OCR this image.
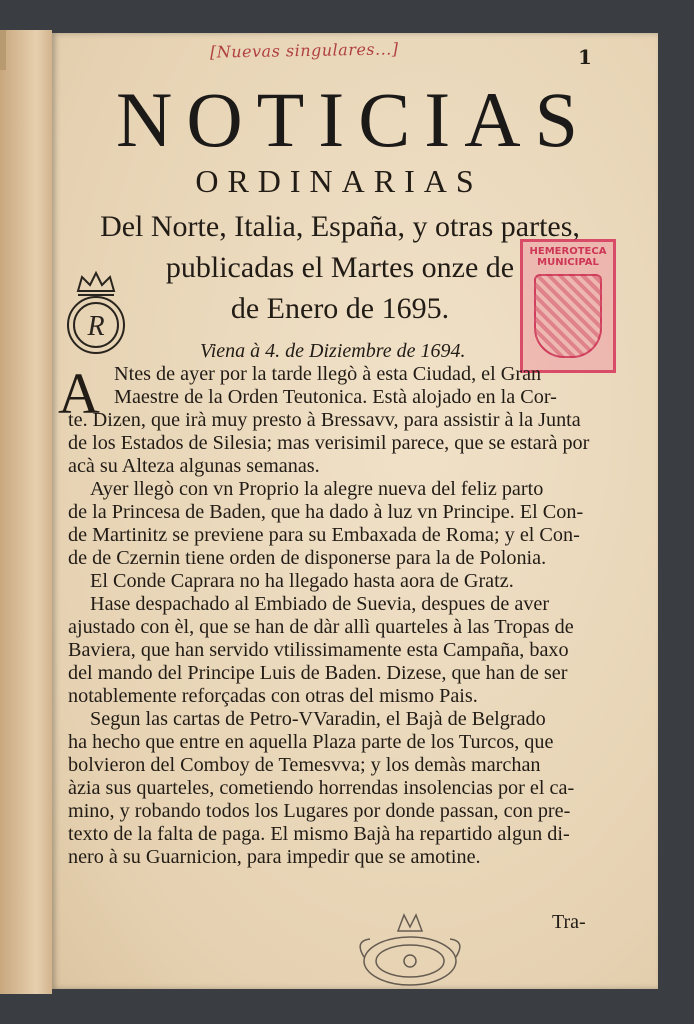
[Nuevas singulares...]	1
NOTICIAS
ORDINARIAS
Del Norte, Italia, España, y otras partes,
publicadas el Martes onze de
de Enero de 1695.
R
HEMEROTECA MUNICIPAL
Viena à 4. de Diziembre de 1694.
A Ntes de ayer por la tarde llegò à esta Ciudad, el Gran
Maestre de la Orden Teutonica. Està alojado en la Cor-
te. Dizen, que irà muy presto à Bressavv, para assistir à la Junta
de los Estados de Silesia; mas verisimil parece, que se estarà por
acà su Alteza algunas semanas.
Ayer llegò con vn Proprio la alegre nueva del feliz parto
de la Princesa de Baden, que ha dado à luz vn Principe. El Con-
de Martinitz se previene para su Embaxada de Roma; y el Con-
de de Czernin tiene orden de disponerse para la de Polonia.
El Conde Caprara no ha llegado hasta aora de Gratz.
Hase despachado al Embiado de Suevia, despues de aver
ajustado con èl, que se han de dàr allì quarteles à las Tropas de
Baviera, que han servido vtilissimamente esta Campaña, baxo
del mando del Principe Luis de Baden. Dizese, que han de ser
notablemente reforçadas con otras del mismo Pais.
Segun las cartas de Petro-VVaradin, el Bajà de Belgrado
ha hecho que entre en aquella Plaza parte de los Turcos, que
bolvieron del Comboy de Temesvva; y los demàs marchan
àzia sus quarteles, cometiendo horrendas insolencias por el ca-
mino, y robando todos los Lugares por donde passan, con pre-
texto de la falta de paga. El mismo Bajà ha repartido algun di-
nero à su Guarnicion, para impedir que se amotine.
Tra-
